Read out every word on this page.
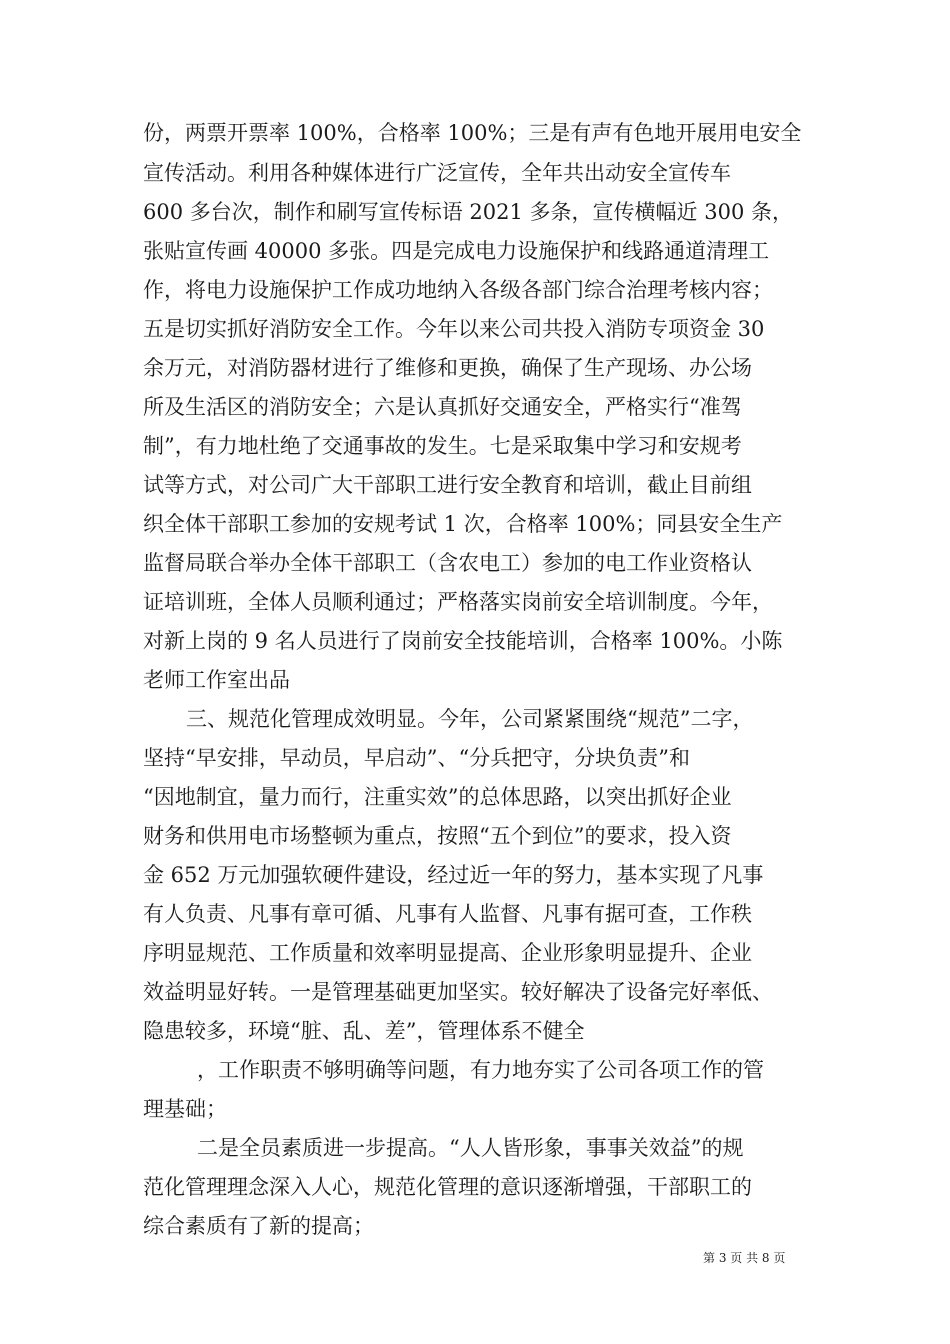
份，两票开票率 100%，合格率 100%；三是有声有色地开展用电安全
宣传活动。利用各种媒体进行广泛宣传，全年共出动安全宣传车
600 多台次，制作和刷写宣传标语 2021 多条，宣传横幅近 300 条，
张贴宣传画 40000 多张。四是完成电力设施保护和线路通道清理工
作，将电力设施保护工作成功地纳入各级各部门综合治理考核内容；
五是切实抓好消防安全工作。今年以来公司共投入消防专项资金 30
余万元，对消防器材进行了维修和更换，确保了生产现场、办公场
所及生活区的消防安全；六是认真抓好交通安全，严格实行“准驾
制”，有力地杜绝了交通事故的发生。七是采取集中学习和安规考
试等方式，对公司广大干部职工进行安全教育和培训，截止目前组
织全体干部职工参加的安规考试 1 次，合格率 100%；同县安全生产
监督局联合举办全体干部职工（含农电工）参加的电工作业资格认
证培训班，全体人员顺利通过；严格落实岗前安全培训制度。今年，
对新上岗的 9 名人员进行了岗前安全技能培训，合格率 100%。小陈
老师工作室出品
三、规范化管理成效明显。今年，公司紧紧围绕“规范”二字，
坚持“早安排，早动员，早启动”、“分兵把守，分块负责”和
“因地制宜，量力而行，注重实效”的总体思路，以突出抓好企业
财务和供用电市场整顿为重点，按照“五个到位”的要求，投入资
金 652 万元加强软硬件建设，经过近一年的努力，基本实现了凡事
有人负责、凡事有章可循、凡事有人监督、凡事有据可查，工作秩
序明显规范、工作质量和效率明显提高、企业形象明显提升、企业
效益明显好转。一是管理基础更加坚实。较好解决了设备完好率低、
隐患较多，环境“脏、乱、差”，管理体系不健全
，工作职责不够明确等问题，有力地夯实了公司各项工作的管
理基础；
二是全员素质进一步提高。“人人皆形象，事事关效益”的规
范化管理理念深入人心，规范化管理的意识逐渐增强，干部职工的
综合素质有了新的提高；
第 3 页 共 8 页
